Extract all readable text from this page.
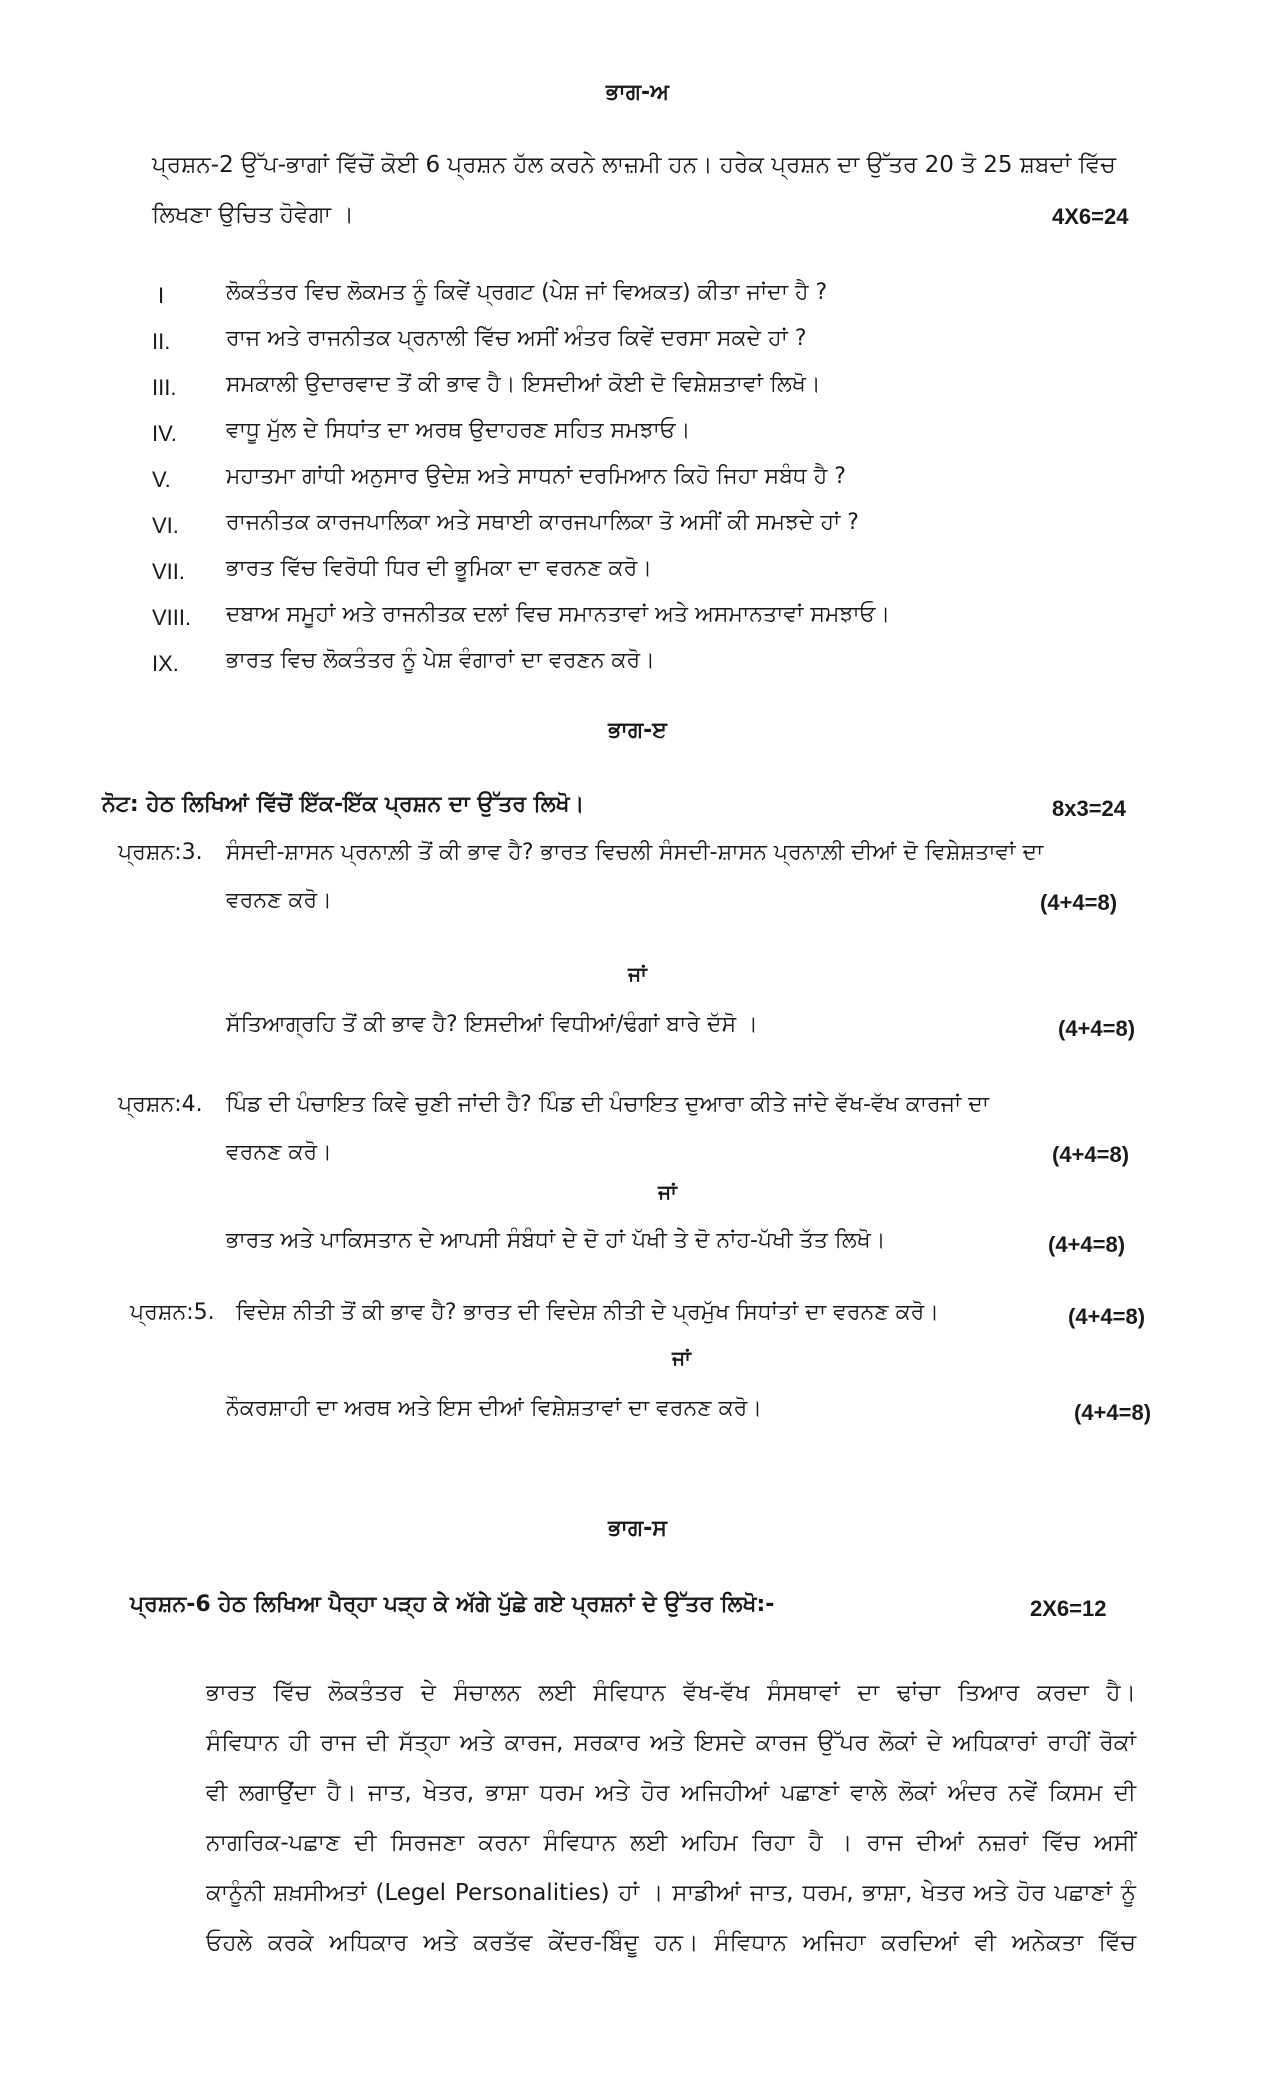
ਭਾਗ-ਅ
ਪ੍ਰਸ਼ਨ-2 ਉੱਪ-ਭਾਗਾਂ ਵਿੱਚੋਂ ਕੋਈ 6 ਪ੍ਰਸ਼ਨ ਹੱਲ ਕਰਨੇ ਲਾਜ਼ਮੀ ਹਨ। ਹਰੇਕ ਪ੍ਰਸ਼ਨ ਦਾ ਉੱਤਰ 20 ਤੋ 25 ਸ਼ਬਦਾਂ ਵਿੱਚ
ਲਿਖਣਾ ਉਚਿਤ ਹੋਵੇਗਾ ।	4X6=24
I	ਲੋਕਤੰਤਰ ਵਿਚ ਲੋਕਮਤ ਨੂੰ ਕਿਵੇਂ ਪ੍ਰਗਟ (ਪੇਸ਼ ਜਾਂ ਵਿਅਕਤ) ਕੀਤਾ ਜਾਂਦਾ ਹੈ ?
II.	ਰਾਜ ਅਤੇ ਰਾਜਨੀਤਕ ਪ੍ਰਨਾਲੀ ਵਿੱਚ ਅਸੀਂ ਅੰਤਰ ਕਿਵੇਂ ਦਰਸਾ ਸਕਦੇ ਹਾਂ ?
III. ਸਮਕਾਲੀ ਉਦਾਰਵਾਦ ਤੋਂ ਕੀ ਭਾਵ ਹੈ। ਇਸਦੀਆਂ ਕੋਈ ਦੋ ਵਿਸ਼ੇਸ਼ਤਾਵਾਂ ਲਿਖੋ।
IV. ਵਾਧੂ ਮੁੱਲ ਦੇ ਸਿਧਾਂਤ ਦਾ ਅਰਥ ਉਦਾਹਰਣ ਸਹਿਤ ਸਮਝਾਓ।
V.	ਮਹਾਤਮਾ ਗਾਂਧੀ ਅਨੁਸਾਰ ਉਦੇਸ਼ ਅਤੇ ਸਾਧਨਾਂ ਦਰਮਿਆਨ ਕਿਹੋ ਜਿਹਾ ਸਬੰਧ ਹੈ ?
VI. ਰਾਜਨੀਤਕ ਕਾਰਜਪਾਲਿਕਾ ਅਤੇ ਸਥਾਈ ਕਾਰਜਪਾਲਿਕਾ ਤੋ ਅਸੀਂ ਕੀ ਸਮਝਦੇ ਹਾਂ ?
VII. ਭਾਰਤ ਵਿੱਚ ਵਿਰੋਧੀ ਧਿਰ ਦੀ ਭੂਮਿਕਾ ਦਾ ਵਰਨਣ ਕਰੋ।
VIII. ਦਬਾਅ ਸਮੂਹਾਂ ਅਤੇ ਰਾਜਨੀਤਕ ਦਲਾਂ ਵਿਚ ਸਮਾਨਤਾਵਾਂ ਅਤੇ ਅਸਮਾਨਤਾਵਾਂ ਸਮਝਾਓ।
IX. ਭਾਰਤ ਵਿਚ ਲੋਕਤੰਤਰ ਨੂੰ ਪੇਸ਼ ਵੰਗਾਰਾਂ ਦਾ ਵਰਣਨ ਕਰੋ।
ਭਾਗ-ੲ
ਨੋਟ: ਹੇਠ ਲਿਖਿਆਂ ਵਿੱਚੋਂ ਇੱਕ-ਇੱਕ ਪ੍ਰਸ਼ਨ ਦਾ ਉੱਤਰ ਲਿਖੋ।	8x3=24
ਪ੍ਰਸ਼ਨ:3. ਸੰਸਦੀ-ਸ਼ਾਸਨ ਪ੍ਰਨਾਲ਼ੀ ਤੋਂ ਕੀ ਭਾਵ ਹੈ? ਭਾਰਤ ਵਿਚਲੀ ਸੰਸਦੀ-ਸ਼ਾਸਨ ਪ੍ਰਨਾਲ਼ੀ ਦੀਆਂ ਦੋ ਵਿਸ਼ੇਸ਼ਤਾਵਾਂ ਦਾ
ਵਰਨਣ ਕਰੋ।	(4+4=8)
ਜਾਂ
ਸੱਤਿਆਗ੍ਰਹਿ ਤੋਂ ਕੀ ਭਾਵ ਹੈ? ਇਸਦੀਆਂ ਵਿਧੀਆਂ/ਢੰਗਾਂ ਬਾਰੇ ਦੱਸੋ ।	(4+4=8)
ਪ੍ਰਸ਼ਨ:4. ਪਿੰਡ ਦੀ ਪੰਚਾਇਤ ਕਿਵੇ ਚੁਣੀ ਜਾਂਦੀ ਹੈ? ਪਿੰਡ ਦੀ ਪੰਚਾਇਤ ਦੁਆਰਾ ਕੀਤੇ ਜਾਂਦੇ ਵੱਖ-ਵੱਖ ਕਾਰਜਾਂ ਦਾ
ਵਰਨਣ ਕਰੋ।	(4+4=8)
ਜਾਂ
ਭਾਰਤ ਅਤੇ ਪਾਕਿਸਤਾਨ ਦੇ ਆਪਸੀ ਸੰਬੰਧਾਂ ਦੇ ਦੋ ਹਾਂ ਪੱਖੀ ਤੇ ਦੋ ਨਾਂਹ-ਪੱਖੀ ਤੱਤ ਲਿਖੋ।	(4+4=8)
ਪ੍ਰਸ਼ਨ:5. ਵਿਦੇਸ਼ ਨੀਤੀ ਤੋਂ ਕੀ ਭਾਵ ਹੈ? ਭਾਰਤ ਦੀ ਵਿਦੇਸ਼ ਨੀਤੀ ਦੇ ਪ੍ਰਮੁੱਖ ਸਿਧਾਂਤਾਂ ਦਾ ਵਰਨਣ ਕਰੋ।	(4+4=8)
ਜਾਂ
ਨੌਕਰਸ਼ਾਹੀ ਦਾ ਅਰਥ ਅਤੇ ਇਸ ਦੀਆਂ ਵਿਸ਼ੇਸ਼ਤਾਵਾਂ ਦਾ ਵਰਨਣ ਕਰੋ।	(4+4=8)
ਭਾਗ-ਸ
ਪ੍ਰਸ਼ਨ-6 ਹੇਠ ਲਿਖਿਆ ਪੈਰ੍ਹਾ ਪੜ੍ਹ ਕੇ ਅੱਗੇ ਪੁੱਛੇ ਗਏ ਪ੍ਰਸ਼ਨਾਂ ਦੇ ਉੱਤਰ ਲਿਖੋ:-	2X6=12
ਭਾਰਤ ਵਿੱਚ ਲੋਕਤੰਤਰ ਦੇ ਸੰਚਾਲਨ ਲਈ ਸੰਵਿਧਾਨ ਵੱਖ-ਵੱਖ ਸੰਸਥਾਵਾਂ ਦਾ ਢਾਂਚਾ ਤਿਆਰ ਕਰਦਾ ਹੈ।
ਸੰਵਿਧਾਨ ਹੀ ਰਾਜ ਦੀ ਸੱਤ੍ਹਾ ਅਤੇ ਕਾਰਜ, ਸਰਕਾਰ ਅਤੇ ਇਸਦੇ ਕਾਰਜ ਉੱਪਰ ਲੋਕਾਂ ਦੇ ਅਧਿਕਾਰਾਂ ਰਾਹੀਂ ਰੋਕਾਂ
ਵੀ ਲਗਾਉਂਦਾ ਹੈ। ਜਾਤ, ਖੇਤਰ, ਭਾਸ਼ਾ ਧਰਮ ਅਤੇ ਹੋਰ ਅਜਿਹੀਆਂ ਪਛਾਣਾਂ ਵਾਲੇ ਲੋਕਾਂ ਅੰਦਰ ਨਵੇਂ ਕਿਸਮ ਦੀ
ਨਾਗਰਿਕ-ਪਛਾਣ ਦੀ ਸਿਰਜਣਾ ਕਰਨਾ ਸੰਵਿਧਾਨ ਲਈ ਅਹਿਮ ਰਿਹਾ ਹੈ । ਰਾਜ ਦੀਆਂ ਨਜ਼ਰਾਂ ਵਿੱਚ ਅਸੀਂ
ਕਾਨੂੰਨੀ ਸ਼ਖ਼ਸੀਅਤਾਂ (Legel Personalities) ਹਾਂ । ਸਾਡੀਆਂ ਜਾਤ, ਧਰਮ, ਭਾਸ਼ਾ, ਖੇਤਰ ਅਤੇ ਹੋਰ ਪਛਾਣਾਂ ਨੂੰ
ਓਹਲੇ ਕਰਕੇ ਅਧਿਕਾਰ ਅਤੇ ਕਰਤੱਵ ਕੇਂਦਰ-ਬਿੰਦੂ ਹਨ। ਸੰਵਿਧਾਨ ਅਜਿਹਾ ਕਰਦਿਆਂ ਵੀ ਅਨੇਕਤਾ ਵਿੱਚ
